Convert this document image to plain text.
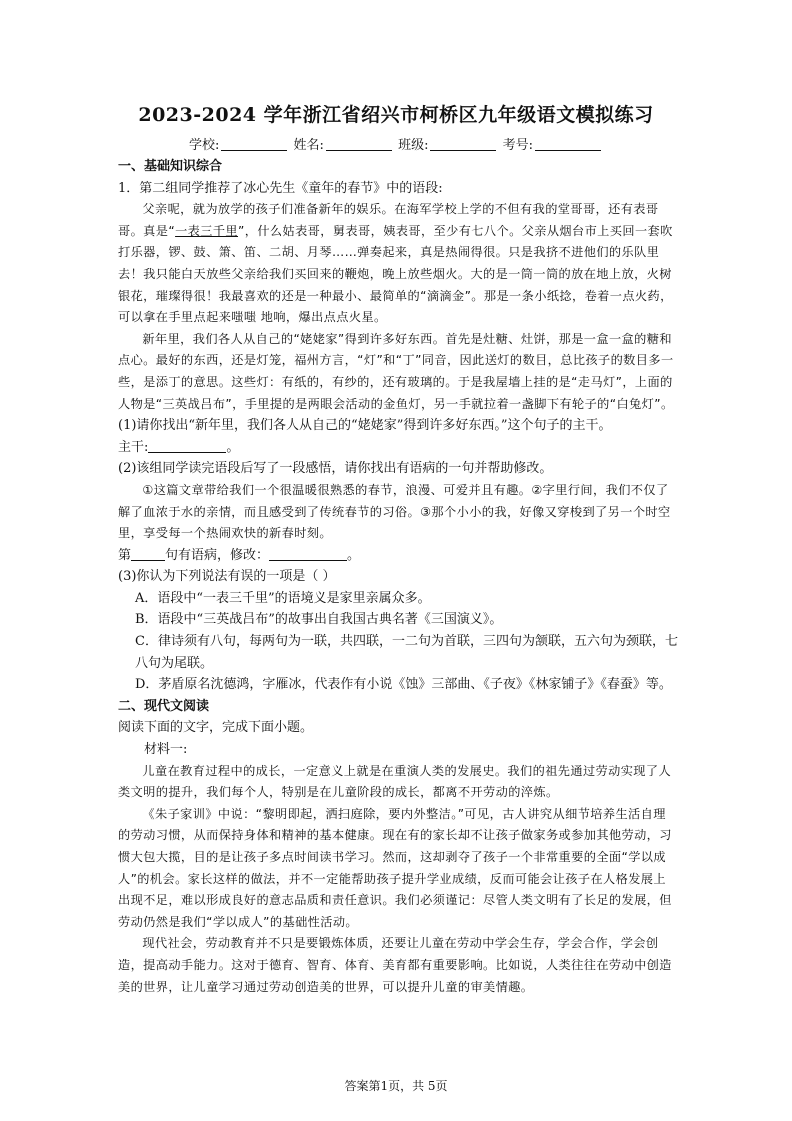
2023-2024 学年浙江省绍兴市柯桥区九年级语文模拟练习
学校:	姓名:	班级:	考号:

一、基础知识综合

1．第二组同学推荐了冰心先生《童年的春节》中的语段:

父亲呢，就为放学的孩子们准备新年的娱乐。在海军学校上学的不但有我的堂哥哥，还有表哥哥。真是“一表三千里”，什么姑表哥，舅表哥，姨表哥，至少有七八个。父亲从烟台市上买回一套吹打乐器，锣、鼓、箫、笛、二胡、月琴……弹奏起来，真是热闹得很。只是我挤不进他们的乐队里去！我只能白天放些父亲给我们买回来的鞭炮，晚上放些烟火。大的是一筒一筒的放在地上放，火树银花，璀璨得很！我最喜欢的还是一种最小、最简单的“滴滴金”。那是一条小纸捻，卷着一点火药，可以拿在手里点起来嗤嗤 地响，爆出点点火星。

新年里，我们各人从自己的“姥姥家”得到许多好东西。首先是灶糖、灶饼，那是一盒一盒的糖和点心。最好的东西，还是灯笼，福州方言，“灯”和“丁”同音，因此送灯的数目，总比孩子的数目多一些，是添丁的意思。这些灯：有纸的，有纱的，还有玻璃的。于是我屋墙上挂的是“走马灯”，上面的人物是“三英战吕布”，手里提的是两眼会活动的金鱼灯，另一手就拉着一盏脚下有轮子的“白兔灯”。

(1)请你找出“新年里，我们各人从自己的“姥姥家”得到许多好东西。”这个句子的主干。

主干:	。

(2)该组同学读完语段后写了一段感悟，请你找出有语病的一句并帮助修改。

①这篇文章带给我们一个很温暖很熟悉的春节，浪漫、可爱并且有趣。②字里行间，我们不仅了解了血浓于水的亲情，而且感受到了传统春节的习俗。③那个小小的我，好像又穿梭到了另一个时空里，享受每一个热闹欢快的新春时刻。

第	句有语病，修改：	。

(3)你认为下列说法有误的一项是（ ）

A．语段中“一表三千里”的语境义是家里亲属众多。

B．语段中“三英战吕布”的故事出自我国古典名著《三国演义》。

C．律诗须有八句，每两句为一联，共四联，一二句为首联，三四句为颔联，五六句为颈联，七八句为尾联。

D．茅盾原名沈德鸿，字雁冰，代表作有小说《蚀》三部曲、《子夜》《林家铺子》《春蚕》等。

二、现代文阅读

阅读下面的文字，完成下面小题。

材料一:

儿童在教育过程中的成长，一定意义上就是在重演人类的发展史。我们的祖先通过劳动实现了人类文明的提升，我们每个人，特别是在儿童阶段的成长，都离不开劳动的淬炼。

《朱子家训》中说：“黎明即起，洒扫庭除，要内外整洁。”可见，古人讲究从细节培养生活自理的劳动习惯，从而保持身体和精神的基本健康。现在有的家长却不让孩子做家务或参加其他劳动，习惯大包大揽，目的是让孩子多点时间读书学习。然而，这却剥夺了孩子一个非常重要的全面“学以成人”的机会。家长这样的做法，并不一定能帮助孩子提升学业成绩，反而可能会让孩子在人格发展上出现不足，难以形成良好的意志品质和责任意识。我们必须谨记：尽管人类文明有了长足的发展，但劳动仍然是我们“学以成人”的基础性活动。

现代社会，劳动教育并不只是要锻炼体质，还要让儿童在劳动中学会生存，学会合作，学会创造，提高动手能力。这对于德育、智育、体育、美育都有重要影响。比如说，人类往往在劳动中创造美的世界，让儿童学习通过劳动创造美的世界，可以提升儿童的审美情趣。

答案第1页，共 5页
